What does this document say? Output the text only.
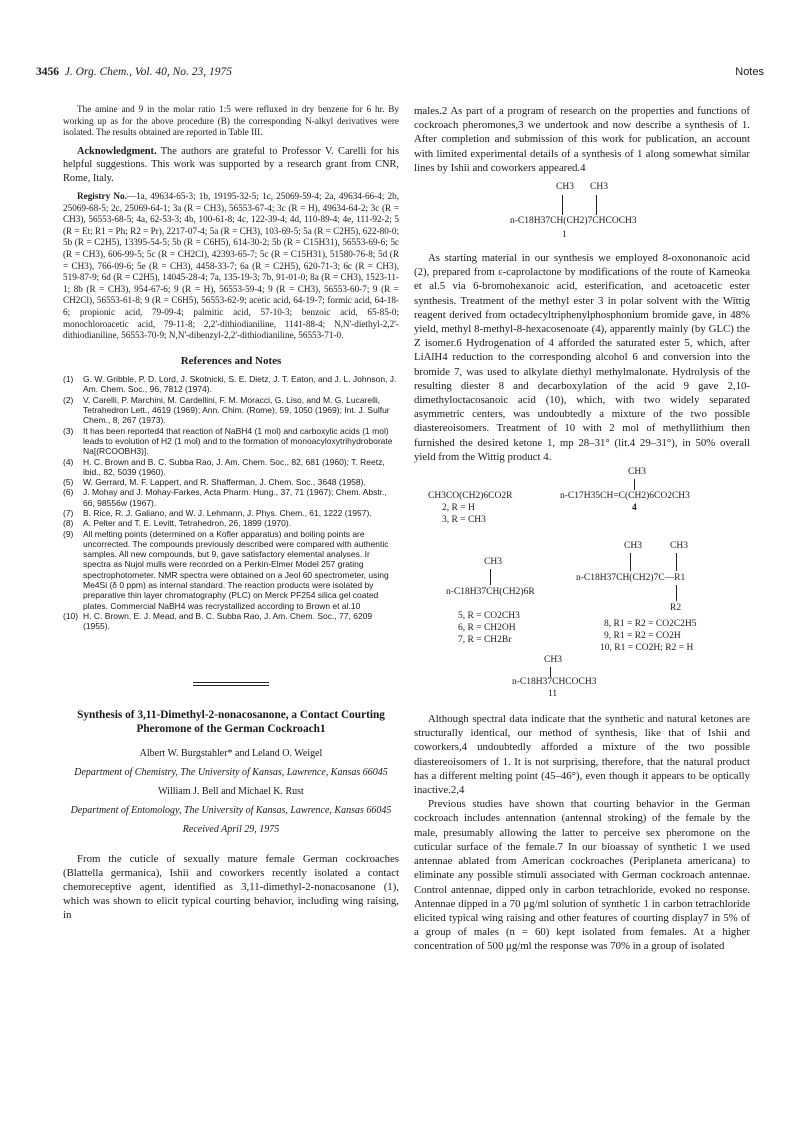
3456 J. Org. Chem., Vol. 40, No. 23, 1975	Notes

The amine and 9 in the molar ratio 1:5 were refluxed in dry benzene for 6 hr. By working up as for the above procedure (B) the corresponding N-alkyl derivatives were isolated. The results obtained are reported in Table III.

Acknowledgment. The authors are grateful to Professor V. Carelli for his helpful suggestions. This work was supported by a research grant from CNR, Rome, Italy.

Registry No.—1a, 49634-65-3; 1b, 19195-32-5; 1c, 25069-59-4; 2a, 49634-66-4; 2b, 25069-68-5; 2c, 25069-64-1; 3a (R = CH3), 56553-67-4; 3c (R = H), 49634-64-2; 3c (R = CH3), 56553-68-5; 4a, 62-53-3; 4b, 100-61-8; 4c, 122-39-4; 4d, 110-89-4; 4e, 111-92-2; 5 (R = Et; R1 = Ph; R2 = Pr), 2217-07-4; 5a (R = CH3), 103-69-5; 5a (R = C2H5), 622-80-0; 5b (R = C2H5), 13395-54-5; 5b (R = C6H5), 614-30-2; 5b (R = C15H31), 56553-69-6; 5c (R = CH3), 606-99-5; 5c (R = CH2Cl), 42393-65-7; 5c (R = C15H31), 51580-76-8; 5d (R = CH3), 766-09-6; 5e (R = CH3), 4458-33-7; 6a (R = C2H5), 620-71-3; 6c (R = CH3), 519-87-9; 6d (R = C2H5), 14045-28-4; 7a, 135-19-3; 7b, 91-01-0; 8a (R = CH3), 1523-11-1; 8b (R = CH3), 954-67-6; 9 (R = H), 56553-59-4; 9 (R = CH3), 56553-60-7; 9 (R = CH2Cl), 56553-61-8; 9 (R = C6H5), 56553-62-9; acetic acid, 64-19-7; formic acid, 64-18-6; propionic acid, 79-09-4; palmitic acid, 57-10-3; benzoic acid, 65-85-0; monochloroacetic acid, 79-11-8; 2,2'-dithiodianiline, 1141-88-4; N,N'-diethyl-2,2'-dithiodianiline, 56553-70-9; N,N'-dibenzyl-2,2'-dithiodianiline, 56553-71-0.

References and Notes

(1) G. W. Gribble, P. D. Lord, J. Skotnicki, S. E. Dietz, J. T. Eaton, and J. L. Johnson, J. Am. Chem. Soc., 96, 7812 (1974).

(2) V. Carelli, P. Marchini, M. Cardellini, F. M. Moracci, G. Liso, and M. G. Lucarelli, Tetrahedron Lett., 4619 (1969); Ann. Chim. (Rome), 59, 1050 (1969); Int. J. Sulfur Chem., 8, 267 (1973).

(3) It has been reported4 that reaction of NaBH4 (1 mol) and carboxylic acids (1 mol) leads to evolution of H2 (1 mol) and to the formation of monoacyloxytrihydroborate Na[(RCOOBH3)].

(4) H. C. Brown and B. C. Subba Rao, J. Am. Chem. Soc., 82, 681 (1960); T. Reetz, ibid., 82, 5039 (1960).

(5) W. Gerrard, M. F. Lappert, and R. Shafferman, J. Chem. Soc., 3648 (1958).

(6) J. Mohay and J. Mohay-Farkes, Acta Pharm. Hung., 37, 71 (1967); Chem. Abstr., 66, 98556w (1967).

(7) B. Rice, R. J. Galiano, and W. J. Lehmann, J. Phys. Chem., 61, 1222 (1957).

(8) A. Pelter and T. E. Levitt, Tetrahedron, 26, 1899 (1970).

(9) All melting points (determined on a Kofler apparatus) and boiling points are uncorrected. The compounds previously described were compared with authentic samples. All new compounds, but 9, gave satisfactory elemental analyses. Ir spectra as Nujol mulls were recorded on a Perkin-Elmer Model 257 grating spectrophotometer. NMR spectra were obtained on a Jeol 60 spectrometer, using Me4Si (δ 0 ppm) as internal standard. The reaction products were isolated by preparative thin layer chromatography (PLC) on Merck PF254 silica gel coated plates. Commercial NaBH4 was recrystallized according to Brown et al.10

(10) H. C. Brown, E. J. Mead, and B. C. Subba Rao, J. Am. Chem. Soc., 77, 6209 (1955).

Synthesis of 3,11-Dimethyl-2-nonacosanone, a Contact Courting Pheromone of the German Cockroach1
Albert W. Burgstahler* and Leland O. Weigel
Department of Chemistry, The University of Kansas, Lawrence, Kansas 66045
William J. Bell and Michael K. Rust
Department of Entomology, The University of Kansas, Lawrence, Kansas 66045
Received April 29, 1975

From the cuticle of sexually mature female German cockroaches (Blattella germanica), Ishii and coworkers recently isolated a contact chemoreceptive agent, identified as 3,11-dimethyl-2-nonacosanone (1), which was shown to elicit typical courting behavior, including wing raising, in

males.2 As part of a program of research on the properties and functions of cockroach pheromones,3 we undertook and now describe a synthesis of 1. After completion and submission of this work for publication, an account with limited experimental details of a synthesis of 1 along somewhat similar lines by Ishii and coworkers appeared.4

CH3 CH3
n-C18H37CH(CH2)7CHCOCH3
1

As starting material in our synthesis we employed 8-oxononanoic acid (2), prepared from ε-caprolactone by modifications of the route of Kameoka et al.5 via 6-bromohexanoic acid, esterification, and acetoacetic ester synthesis. Treatment of the methyl ester 3 in polar solvent with the Wittig reagent derived from octadecyltriphenylphosphonium bromide gave, in 48% yield, methyl 8-methyl-8-hexacosenoate (4), apparently mainly (by GLC) the Z isomer.6 Hydrogenation of 4 afforded the saturated ester 5, which, after LiAlH4 reduction to the corresponding alcohol 6 and conversion into the bromide 7, was used to alkylate diethyl methylmalonate. Hydrolysis of the resulting diester 8 and decarboxylation of the acid 9 gave 2,10-dimethyloctacosanoic acid (10), which, with two widely separated asymmetric centers, was undoubtedly a mixture of the two possible diastereoisomers. Treatment of 10 with 2 mol of methyllithium then furnished the desired ketone 1, mp 28–31° (lit.4 29–31°), in 50% overall yield from the Wittig product 4.

CH3CO(CH2)6CO2R
2, R = H
3, R = CH3
CH3
n-C17H35CH=C(CH2)6CO2CH3
4
CH3
n-C18H37CH(CH2)6R
5, R = CO2CH3
6, R = CH2OH
7, R = CH2Br
CH3	CH3
n-C18H37CH(CH2)7C—R1
R2
8, R1 = R2 = CO2C2H5
9, R1 = R2 = CO2H
10, R1 = CO2H; R2 = H
CH3
n-C18H37CHCOCH3
11

Although spectral data indicate that the synthetic and natural ketones are structurally identical, our method of synthesis, like that of Ishii and coworkers,4 undoubtedly afforded a mixture of the two possible diastereoisomers of 1. It is not surprising, therefore, that the natural product has a different melting point (45–46°), even though it appears to be optically inactive.2,4

Previous studies have shown that courting behavior in the German cockroach includes antennation (antennal stroking) of the female by the male, presumably allowing the latter to perceive sex pheromone on the cuticular surface of the female.7 In our bioassay of synthetic 1 we used antennae ablated from American cockroaches (Periplaneta americana) to eliminate any possible stimuli associated with German cockroach antennae. Control antennae, dipped only in carbon tetrachloride, evoked no response. Antennae dipped in a 70 μg/ml solution of synthetic 1 in carbon tetrachloride elicited typical wing raising and other features of courting display7 in 5% of a group of males (n = 60) kept isolated from females. At a higher concentration of 500 μg/ml the response was 70% in a group of isolated
